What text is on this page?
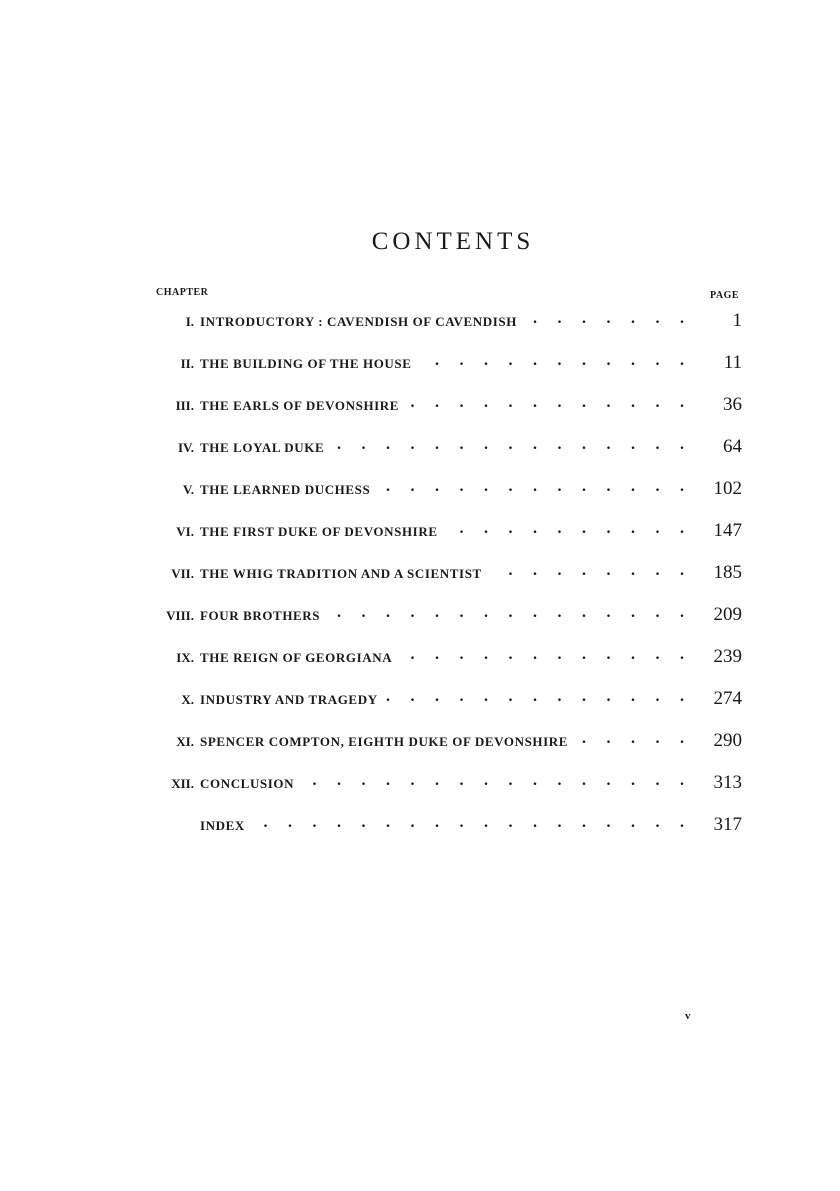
CONTENTS
CHAPTER	PAGE
I. INTRODUCTORY : CAVENDISH OF CAVENDISH . . . . . . .	1
II. THE BUILDING OF THE HOUSE . . . . . . . . . . . 11
III. THE EARLS OF DEVONSHIRE . . . . . . . . . . . . 36
IV. THE LOYAL DUKE . . . . . . . . . . . . . . . 64
V. THE LEARNED DUCHESS . . . . . . . . . . . . . 102
VI. THE FIRST DUKE OF DEVONSHIRE . . . . . . . . . . 147
VII. THE WHIG TRADITION AND A SCIENTIST . . . . . . . . 185
VIII. FOUR BROTHERS . . . . . . . . . . . . . . . 209
IX. THE REIGN OF GEORGIANA . . . . . . . . . . . . 239
X. INDUSTRY AND TRAGEDY . . . . . . . . . . . . . 274
XI. SPENCER COMPTON, EIGHTH DUKE OF DEVONSHIRE . . . . . 290
XII. CONCLUSION . . . . . . . . . . . . . . . . 313
INDEX . . . . . . . . . . . . . . . . . . 317
v
